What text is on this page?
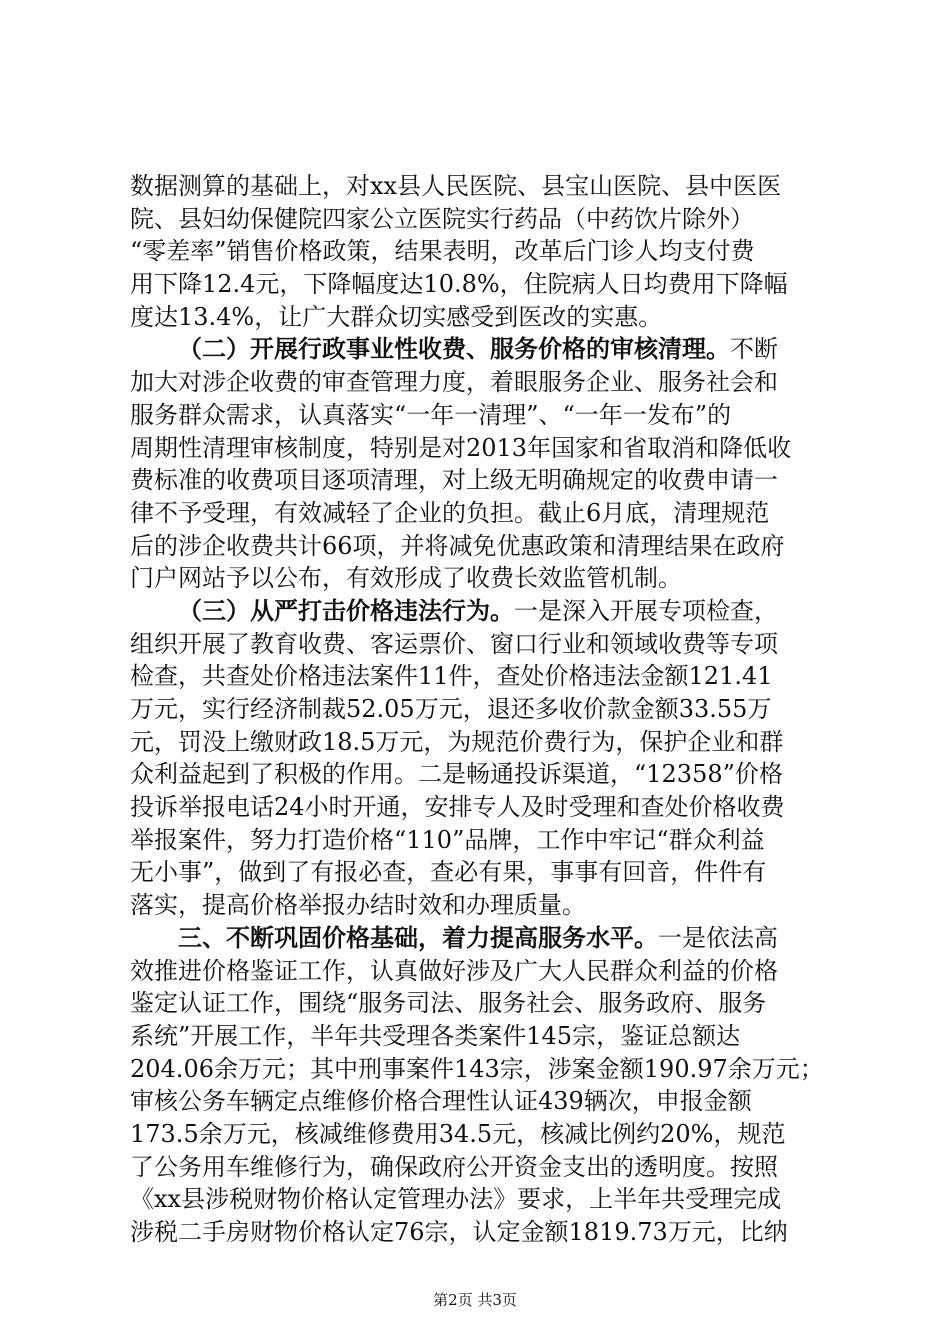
数据测算的基础上，对xx县人民医院、县宝山医院、县中医医
院、县妇幼保健院四家公立医院实行药品（中药饮片除外）
“零差率”销售价格政策，结果表明，改革后门诊人均支付费
用下降12.4元，下降幅度达10.8%，住院病人日均费用下降幅
度达13.4%，让广大群众切实感受到医改的实惠。
（二）开展行政事业性收费、服务价格的审核清理。不断
加大对涉企收费的审查管理力度，着眼服务企业、服务社会和
服务群众需求，认真落实“一年一清理”、“一年一发布”的
周期性清理审核制度，特别是对2013年国家和省取消和降低收
费标准的收费项目逐项清理，对上级无明确规定的收费申请一
律不予受理，有效减轻了企业的负担。截止6月底，清理规范
后的涉企收费共计66项，并将减免优惠政策和清理结果在政府
门户网站予以公布，有效形成了收费长效监管机制。
（三）从严打击价格违法行为。一是深入开展专项检查，
组织开展了教育收费、客运票价、窗口行业和领域收费等专项
检查，共查处价格违法案件11件，查处价格违法金额121.41
万元，实行经济制裁52.05万元，退还多收价款金额33.55万
元，罚没上缴财政18.5万元，为规范价费行为，保护企业和群
众利益起到了积极的作用。二是畅通投诉渠道，“12358”价格
投诉举报电话24小时开通，安排专人及时受理和查处价格收费
举报案件，努力打造价格“110”品牌，工作中牢记“群众利益
无小事”，做到了有报必查，查必有果，事事有回音，件件有
落实，提高价格举报办结时效和办理质量。
三、不断巩固价格基础，着力提高服务水平。一是依法高
效推进价格鉴证工作，认真做好涉及广大人民群众利益的价格
鉴定认证工作，围绕“服务司法、服务社会、服务政府、服务
系统”开展工作，半年共受理各类案件145宗，鉴证总额达
204.06余万元；其中刑事案件143宗，涉案金额190.97余万元；
审核公务车辆定点维修价格合理性认证439辆次，申报金额
173.5余万元，核减维修费用34.5元，核减比例约20%，规范
了公务用车维修行为，确保政府公开资金支出的透明度。按照
《xx县涉税财物价格认定管理办法》要求，上半年共受理完成
涉税二手房财物价格认定76宗，认定金额1819.73万元，比纳
第2页 共3页
